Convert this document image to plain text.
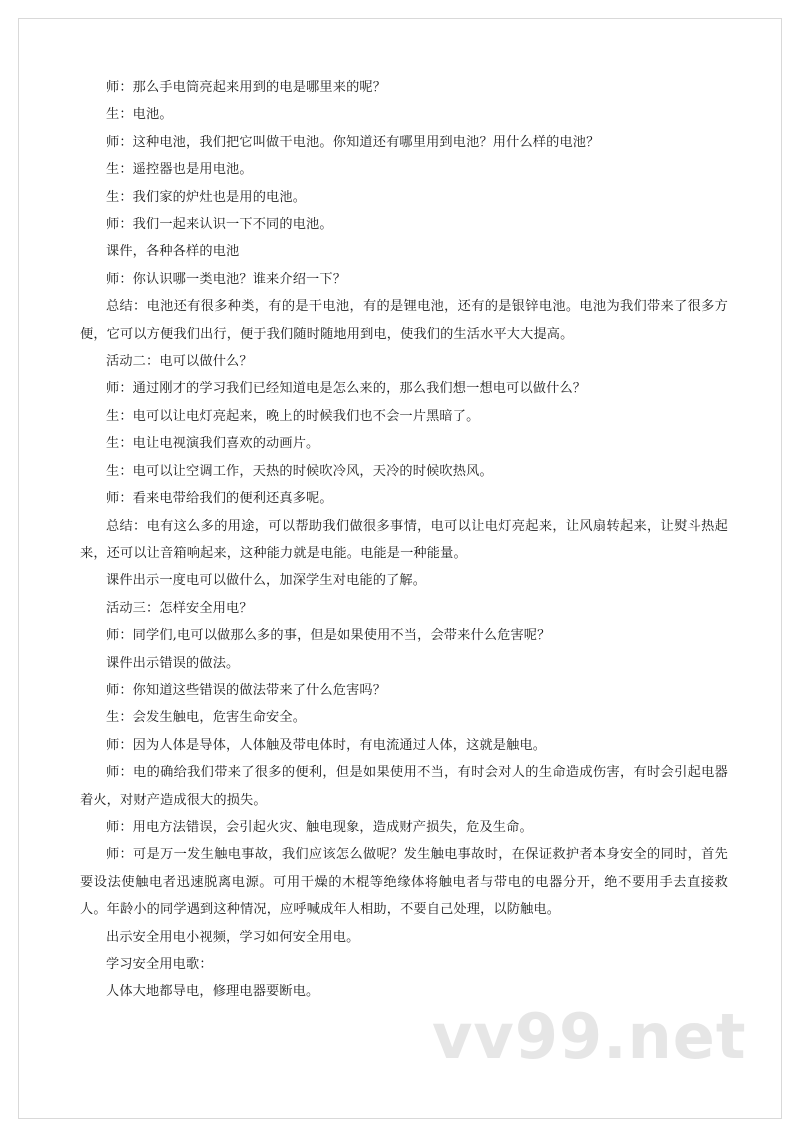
师：那么手电筒亮起来用到的电是哪里来的呢？

生：电池。

师：这种电池，我们把它叫做干电池。你知道还有哪里用到电池？用什么样的电池？

生：遥控器也是用电池。

生：我们家的炉灶也是用的电池。

师：我们一起来认识一下不同的电池。

课件，各种各样的电池

师：你认识哪一类电池？谁来介绍一下？

总结：电池还有很多种类，有的是干电池，有的是锂电池，还有的是银锌电池。电池为我们带来了很多方便，它可以方便我们出行，便于我们随时随地用到电，使我们的生活水平大大提高。

活动二：电可以做什么？

师：通过刚才的学习我们已经知道电是怎么来的，那么我们想一想电可以做什么？

生：电可以让电灯亮起来，晚上的时候我们也不会一片黑暗了。

生：电让电视演我们喜欢的动画片。

生：电可以让空调工作，天热的时候吹冷风，天冷的时候吹热风。

师：看来电带给我们的便利还真多呢。

总结：电有这么多的用途，可以帮助我们做很多事情，电可以让电灯亮起来，让风扇转起来，让熨斗热起来，还可以让音箱响起来，这种能力就是电能。电能是一种能量。

课件出示一度电可以做什么，加深学生对电能的了解。

活动三：怎样安全用电？

师：同学们,电可以做那么多的事，但是如果使用不当，会带来什么危害呢？

课件出示错误的做法。

师：你知道这些错误的做法带来了什么危害吗？

生：会发生触电，危害生命安全。

师：因为人体是导体，人体触及带电体时，有电流通过人体，这就是触电。

师：电的确给我们带来了很多的便利，但是如果使用不当，有时会对人的生命造成伤害，有时会引起电器着火，对财产造成很大的损失。

师：用电方法错误，会引起火灾、触电现象，造成财产损失，危及生命。

师：可是万一发生触电事故，我们应该怎么做呢？发生触电事故时，在保证救护者本身安全的同时，首先要设法使触电者迅速脱离电源。可用干燥的木棍等绝缘体将触电者与带电的电器分开，绝不要用手去直接救人。年龄小的同学遇到这种情况，应呼喊成年人相助，不要自己处理，以防触电。

出示安全用电小视频，学习如何安全用电。

学习安全用电歌：

人体大地都导电，修理电器要断电。

vv99.net
